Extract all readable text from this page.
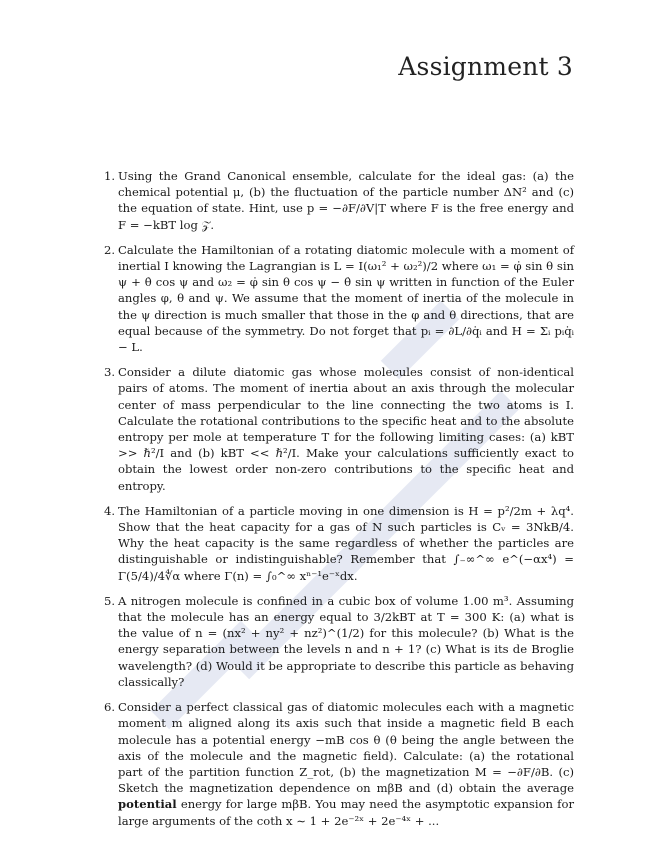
Assignment 3
1. Using the Grand Canonical ensemble, calculate for the ideal gas: (a) the chemical potential μ, (b) the fluctuation of the particle number ΔN² and (c) the equation of state. Hint, use p = −∂F/∂V|T where F is the free energy and F = −kBT log 𝒵.
2. Calculate the Hamiltonian of a rotating diatomic molecule with a moment of inertial I knowing the Lagrangian is L = I(ω₁² + ω₂²)/2 where ω₁ = φ̇ sin θ sin ψ + θ̇ cos ψ and ω₂ = φ̇ sin θ cos ψ − θ̇ sin ψ written in function of the Euler angles φ, θ and ψ. We assume that the moment of inertia of the molecule in the ψ direction is much smaller that those in the φ and θ directions, that are equal because of the symmetry. Do not forget that pᵢ = ∂L/∂q̇ᵢ and H = Σᵢ pᵢq̇ᵢ − L.
3. Consider a dilute diatomic gas whose molecules consist of non-identical pairs of atoms. The moment of inertia about an axis through the molecular center of mass perpendicular to the line connecting the two atoms is I. Calculate the rotational contributions to the specific heat and to the absolute entropy per mole at temperature T for the following limiting cases: (a) kBT >> ℏ²/I and (b) kBT << ℏ²/I. Make your calculations sufficiently exact to obtain the lowest order non-zero contributions to the specific heat and entropy.
4. The Hamiltonian of a particle moving in one dimension is H = p²/2m + λq⁴. Show that the heat capacity for a gas of N such particles is Cᵥ = 3NkB/4. Why the heat capacity is the same regardless of whether the particles are distinguishable or indistinguishable? Remember that ∫₋∞^∞ e^(−αx⁴) = Γ(5/4)/4∜α where Γ(n) = ∫₀^∞ xⁿ⁻¹e⁻ˣdx.
5. A nitrogen molecule is confined in a cubic box of volume 1.00 m³. Assuming that the molecule has an energy equal to 3/2kBT at T = 300 K: (a) what is the value of n = (nx² + ny² + nz²)^(1/2) for this molecule? (b) What is the energy separation between the levels n and n + 1? (c) What is its de Broglie wavelength? (d) Would it be appropriate to describe this particle as behaving classically?
6. Consider a perfect classical gas of diatomic molecules each with a magnetic moment m aligned along its axis such that inside a magnetic field B each molecule has a potential energy −mB cos θ (θ being the angle between the axis of the molecule and the magnetic field). Calculate: (a) the rotational part of the partition function Z_rot, (b) the magnetization M = −∂F/∂B. (c) Sketch the magnetization dependence on mβB and (d) obtain the average potential energy for large mβB. You may need the asymptotic expansion for large arguments of the coth x ∼ 1 + 2e⁻²ˣ + 2e⁻⁴ˣ + ...
